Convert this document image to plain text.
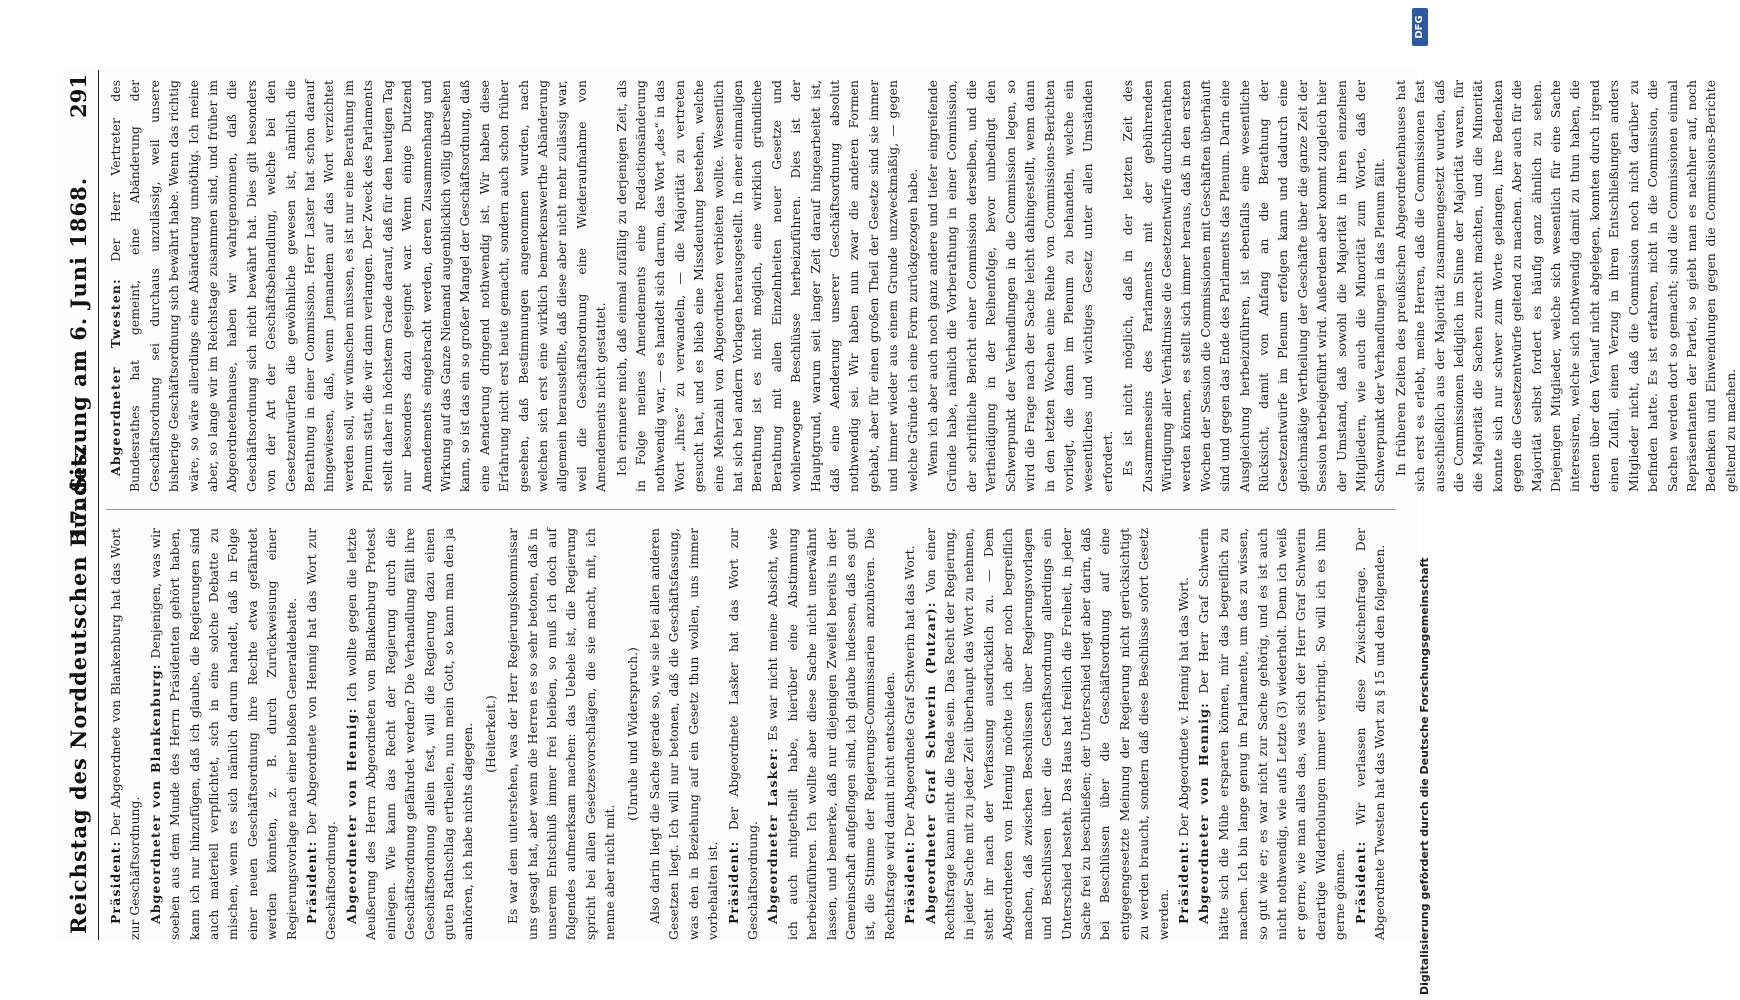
Reichstag des Norddeutschen Bundes.
17. Sitzung am 6. Juni 1868.
291

Präsident: Der Abgeordnete von Blankenburg hat das Wort zur Geschäftsordnung. Abgeordneter von Blankenburg: Denjenigen, was wir soeben aus dem Munde des Herrn Präsidenten gehört haben, kann ich nur hinzufügen, daß ich glaube, die Regierungen sind auch materiell verpflichtet, sich in eine solche Debatte zu mischen, wenn es sich nämlich darum handelt, daß in Folge einer neuen Geschäftsordnung ihre Rechte etwa gefährdet werden könnten, z. B. durch Zurückweisung einer Regierungsvorlage nach einer bloßen Generaldebatte. Präsident: Der Abgeordnete von Hennig hat das Wort zur Geschäftsordnung. Abgeordneter von Hennig: Ich wollte gegen die letzte Aeußerung des Herrn Abgeordneten von Blankenburg Protest einlegen. Wie kann das Recht der Regierung durch die Geschäftsordnung gefährdet werden? Die Verhandlung fällt ihre Geschäftsordnung allein fest, will die Regierung dazu einen guten Rathschlag ertheilen, nun mein Gott, so kann man den ja anhören, ich habe nichts dagegen. (Heiterkeit.) Es war dem unterstehen, was der Herr Regierungskommissar uns gesagt hat, aber wenn die Herren es so sehr betonen, daß in unserem Entschluß immer frei bleiben, so muß ich doch auf folgendes aufmerksam machen: das Uebele ist, die Regierung spricht bei allen Gesetzesvorschlägen, die sie macht, mit, ich nenne aber nicht mit.

(Unruhe und Widerspruch.) Also darin liegt die Sache gerade so, wie sie bei allen anderen Gesetzen liegt. Ich will nur betonen, daß die Geschäftsfassung, was den in Beziehung auf ein Gesetz thun wollen, uns immer vorbehalten ist. Präsident: Der Abgeordnete Lasker hat das Wort zur Geschäftsordnung. Abgeordneter Lasker: Es war nicht meine Absicht, wie ich auch mitgetheilt habe, hierüber eine Abstimmung herbeizuführen. Ich wollte aber diese Sache nicht unerwähnt lassen, und bemerke, daß nur diejenigen Zweifel bereits in der Gemeinschaft aufgeflogen sind, ich glaube indessen, daß es gut ist, die Stimme der Regierungs-Commissarien anzuhören. Die Rechtsfrage wird damit nicht entschieden. Präsident: Der Abgeordnete Graf Schwerin hat das Wort. Abgeordneter Graf Schwerin (Putzar): Von einer Rechtsfrage kann nicht die Rede sein. Das Recht der Regierung, in jeder Sache mit zu jeder Zeit überhaupt das Wort zu nehmen, steht ihr nach der Verfassung ausdrücklich zu. — Dem Abgeordneten von Hennig möchte ich aber noch begreiflich machen, daß zwischen Beschlüssen über Regierungsvorlagen und Beschlüssen über die Geschäftsordnung allerdings ein Unterschied besteht. Das Haus hat freilich die Freiheit, in jeder Sache frei zu beschließen; der Unterschied liegt aber darin, daß bei Beschlüssen über die Geschäftsordnung auf eine entgegengesetzte Meinung der Regierung nicht gerücksichtigt zu werden braucht, sondern daß diese Beschlüsse sofort Gesetz werden. Präsident: Der Abgeordnete v. Hennig hat das Wort. Abgeordneter von Hennig: Der Herr Graf Schwerin hätte sich die Mühe ersparen können, mir das begreiflich zu machen. Ich bin lange genug im Parlamente, um das zu wissen, so gut wie er; es war nicht zur Sache gehörig, und es ist auch nicht nothwendig, wie aufs Letzte (3) wiederholt. Denn ich weiß er gerne, wie man alles das, was sich der Herr Graf Schwerin derartige Widerholungen immer verbringt. So will ich es ihm gerne gönnen. Präsident: Wir verlassen diese Zwischenfrage. Der Abgeordnete Twesten hat das Wort zu § 15 und den folgenden.

Abgeordneter Twesten: Der Herr Vertreter des Bundesrathes hat gemeint, eine Abänderung der Geschäftsordnung sei durchaus unzulässig, weil unsere bisherige Geschäftsordnung sich bewährt habe. Wenn das richtig wäre, so wäre allerdings eine Abänderung unnöthig. Ich meine aber, so lange wir im Reichstage zusammen sind, und früher im Abgeordnetenhause, haben wir wahrgenommen, daß die Geschäftsordnung sich nicht bewährt hat. Dies gilt besonders von der Art der Geschäftsbehandlung, welche bei den Gesetzentwürfen die gewöhnliche gewesen ist, nämlich die Berathung in einer Commission. Herr Laster hat schon darauf hingewiesen, daß, wenn Jemandem auf das Wort verzichtet werden soll, wir wünschen müssen, es ist nur eine Berathung im Plenum statt, die wir dann verlangen. Der Zweck des Parlaments stellt daher in höchstem Grade darauf, daß für den heutigen Tag nur besonders dazu geeignet war. Wenn einige Dutzend Amendements eingebracht werden, deren Zusammenhang und Wirkung auf das Ganze Niemand augenblicklich völlig übersehen kann, so ist das ein so großer Mangel der Geschäftsordnung, daß eine Aenderung dringend nothwendig ist. Wir haben diese Erfahrung nicht erst heute gemacht, sondern auch schon früher gesehen, daß Bestimmungen angenommen wurden, nach welchen sich erst eine wirklich bemerkenswerthe Abänderung allgemein herausstellte, daß diese aber nicht mehr zulässig war, weil die Geschäftsordnung eine Wiederaufnahme von Amendements nicht gestattet. Ich erinnere mich, daß einmal zufällig zu derjenigen Zeit, als in Folge meines Amendements eine Redactionsänderung nothwendig war, — es handelt sich darum, das Wort „des“ in das Wort „ihres“ zu verwandeln, — die Majorität zu vertreten gesucht hat, und es blieb eine Missdeutung bestehen, welche eine Mehrzahl von Abgeordneten verbieten wollte. Wesentlich hat sich bei andern Vorlagen herausgestellt. In einer einmaligen Berathung ist es nicht möglich, eine wirklich gründliche Berathung mit allen Einzelnheiten neuer Gesetze und wohlerwogene Beschlüsse herbeizuführen. Dies ist der Hauptgrund, warum seit langer Zeit darauf hingearbeitet ist, daß eine Aenderung unserer Geschäftsordnung absolut nothwendig sei. Wir haben nun zwar die anderen Formen gehabt, aber für einen großen Theil der Gesetze sind sie immer und immer wieder aus einem Grunde unzweckmäßig, — gegen welche Gründe ich eine Form zurückgezogen habe. Wenn ich aber auch noch ganz andere und tiefer eingreifende Gründe habe, nämlich die Vorberathung in einer Commission, der schriftliche Bericht einer Commission derselben, und die Vertheidigung in der Reihenfolge, bevor unbedingt den Schwerpunkt der Verhandlungen in die Commission legen, so wird die Frage nach der Sache leicht dahingestellt, wenn dann in den letzten Wochen eine Reihe von Commissions-Berichten vorliegt, die dann im Plenum zu behandeln, welche ein wesentliches und wichtiges Gesetz unter allen Umständen erfordert. Es ist nicht möglich, daß in der letzten Zeit des Zusammenseins des Parlaments mit der gebührenden Würdigung aller Verhältnisse die Gesetzentwürfe durchberathen werden können, es stellt sich immer heraus, daß in den ersten Wochen der Session die Commissionen mit Geschäften überhäuft sind und gegen das Ende des Parlaments das Plenum. Darin eine Ausgleichung herbeizuführen, ist ebenfalls eine wesentliche Rücksicht, damit von Anfang an die Berathung der Gesetzentwürfe im Plenum erfolgen kann und dadurch eine gleichmäßige Vertheilung der Geschäfte über die ganze Zeit der Session herbeigeführt wird. Außerdem aber kommt zugleich hier der Umstand, daß sowohl die Majorität in ihren einzelnen Mitgliedern, wie auch die Minorität zum Worte, daß der Schwerpunkt der Verhandlungen in das Plenum fällt. In früheren Zeiten des preußischen Abgeordnetenhauses hat sich erst es erlebt, meine Herren, daß die Commissionen fast ausschließlich aus der Majorität zusammengesetzt wurden, daß die Commissionen lediglich im Sinne der Majorität waren, für die Majorität die Sachen zurecht machten, und die Minorität konnte sich nur schwer zum Worte gelangen, ihre Bedenken gegen die Gesetzentwürfe geltend zu machen. Aber auch für die Majorität selbst fordert es häufig ganz ähnlich zu sehen. Diejenigen Mitglieder, welche sich wesentlich für eine Sache interessiren, welche sich nothwendig damit zu thun haben, die denen über den Verlauf nicht abgelegen, konnten durch irgend einen Zufall, einen Verzug in ihren Entschließungen anders Mitglieder nicht, daß die Commission noch nicht darüber zu befinden hatte. Es ist erfahren, nicht in die Commission, die Sachen werden dort so gemacht; sind die Commissionen einmal Repräsentanten der Partei, so giebt man es nachher auf, noch Bedenken und Einwendungen gegen die Commissions-Berichte geltend zu machen.

DFG
Digitalisierung gefördert durch die Deutsche Forschungsgemeinschaft
